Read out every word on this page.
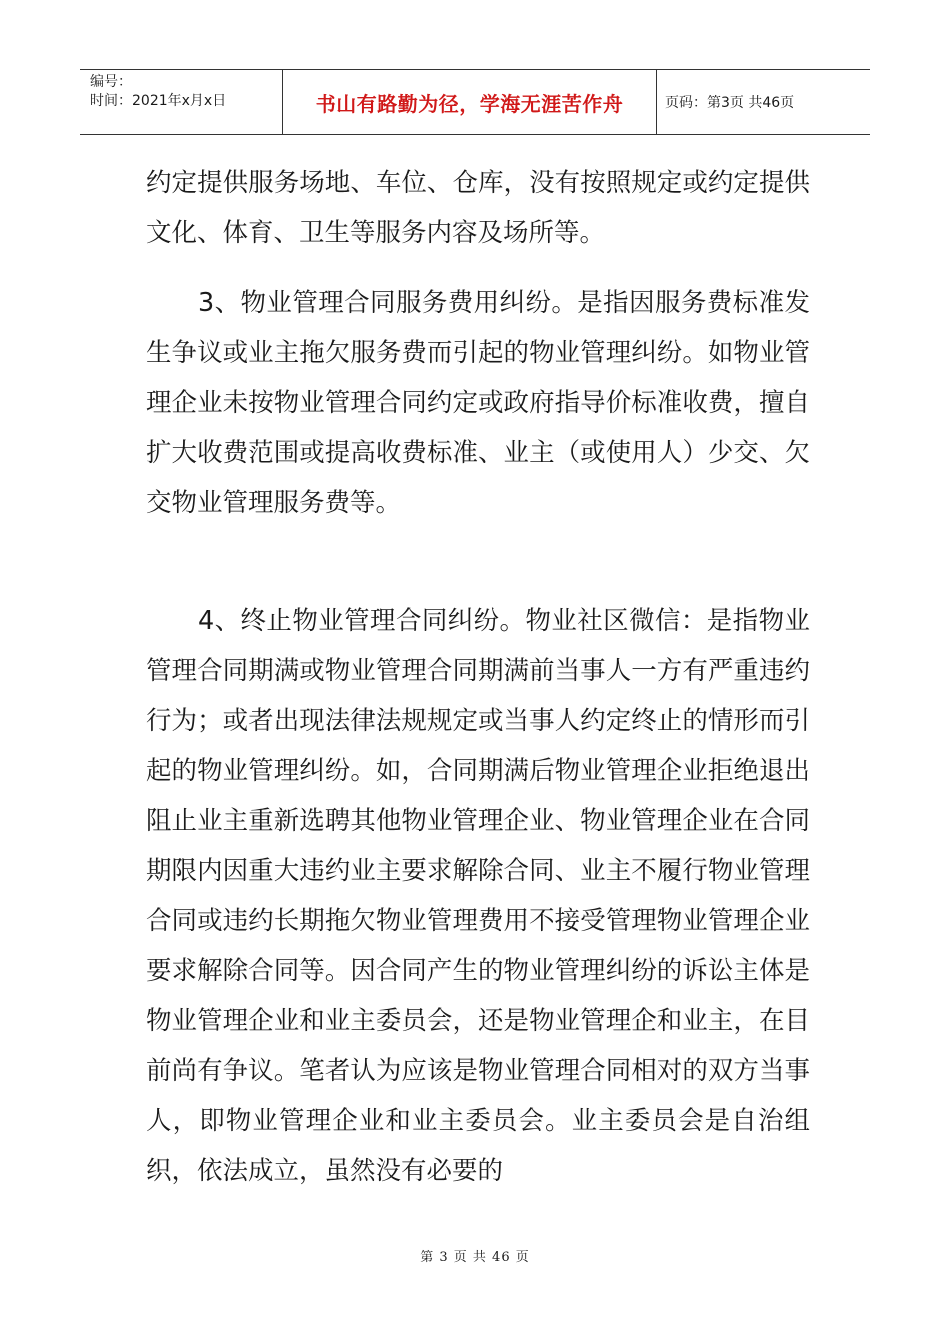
编号：
时间：2021年x月x日	书山有路勤为径，学海无涯苦作舟	页码：第3页 共46页

约定提供服务场地、车位、仓库，没有按照规定或约定提供文化、体育、卫生等服务内容及场所等。

3、物业管理合同服务费用纠纷。是指因服务费标准发生争议或业主拖欠服务费而引起的物业管理纠纷。如物业管理企业未按物业管理合同约定或政府指导价标准收费，擅自扩大收费范围或提高收费标准、业主（或使用人）少交、欠交物业管理服务费等。

4、终止物业管理合同纠纷。物业社区微信：是指物业管理合同期满或物业管理合同期满前当事人一方有严重违约行为；或者出现法律法规规定或当事人约定终止的情形而引起的物业管理纠纷。如，合同期满后物业管理企业拒绝退出阻止业主重新选聘其他物业管理企业、物业管理企业在合同期限内因重大违约业主要求解除合同、业主不履行物业管理合同或违约长期拖欠物业管理费用不接受管理物业管理企业要求解除合同等。因合同产生的物业管理纠纷的诉讼主体是物业管理企业和业主委员会，还是物业管理企和业主，在目前尚有争议。笔者认为应该是物业管理合同相对的双方当事人，即物业管理企业和业主委员会。业主委员会是自治组织，依法成立，虽然没有必要的

第 3 页 共 46 页
